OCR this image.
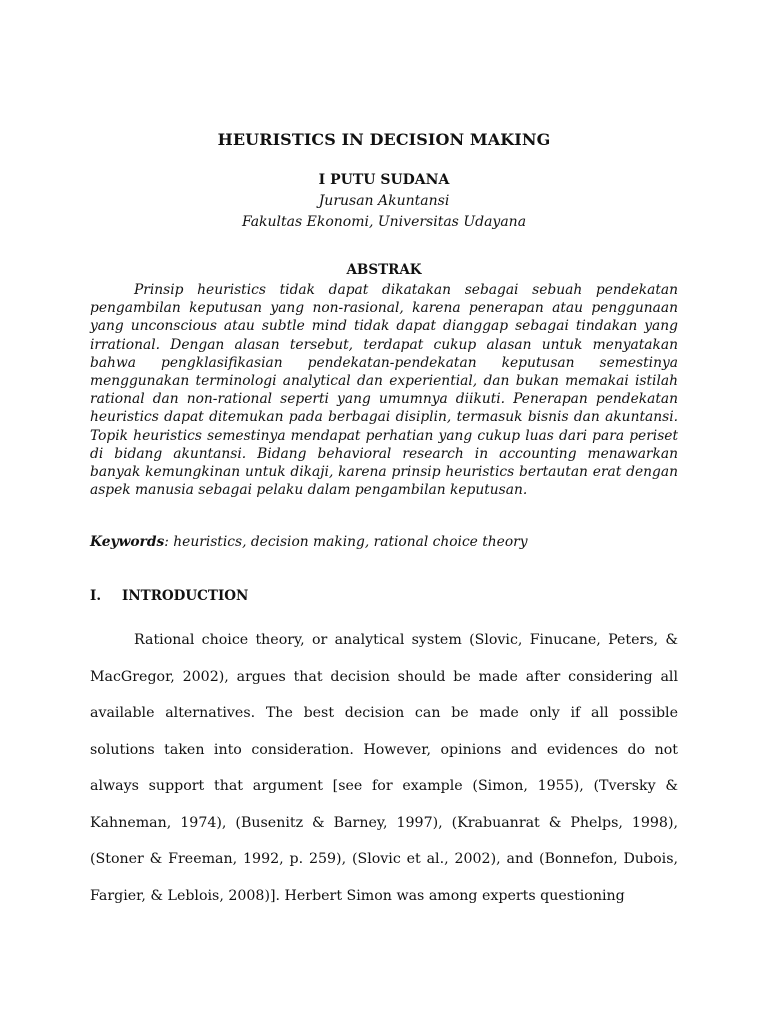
HEURISTICS IN DECISION MAKING
I PUTU SUDANA
Jurusan Akuntansi
Fakultas Ekonomi, Universitas Udayana
ABSTRAK

Prinsip heuristics tidak dapat dikatakan sebagai sebuah pendekatan pengambilan keputusan yang non-rasional, karena penerapan atau penggunaan yang unconscious atau subtle mind tidak dapat dianggap sebagai tindakan yang irrational. Dengan alasan tersebut, terdapat cukup alasan untuk menyatakan bahwa pengklasifikasian pendekatan-pendekatan keputusan semestinya menggunakan terminologi analytical dan experiential, dan bukan memakai istilah rational dan non-rational seperti yang umumnya diikuti. Penerapan pendekatan heuristics dapat ditemukan pada berbagai disiplin, termasuk bisnis dan akuntansi. Topik heuristics semestinya mendapat perhatian yang cukup luas dari para periset di bidang akuntansi. Bidang behavioral research in accounting menawarkan banyak kemungkinan untuk dikaji, karena prinsip heuristics bertautan erat dengan aspek manusia sebagai pelaku dalam pengambilan keputusan.

Keywords: heuristics, decision making, rational choice theory
I. INTRODUCTION

Rational choice theory, or analytical system (Slovic, Finucane, Peters, & MacGregor, 2002), argues that decision should be made after considering all available alternatives. The best decision can be made only if all possible solutions taken into consideration. However, opinions and evidences do not always support that argument [see for example (Simon, 1955), (Tversky & Kahneman, 1974), (Busenitz & Barney, 1997), (Krabuanrat & Phelps, 1998), (Stoner & Freeman, 1992, p. 259), (Slovic et al., 2002), and (Bonnefon, Dubois, Fargier, & Leblois, 2008)]. Herbert Simon was among experts questioning
